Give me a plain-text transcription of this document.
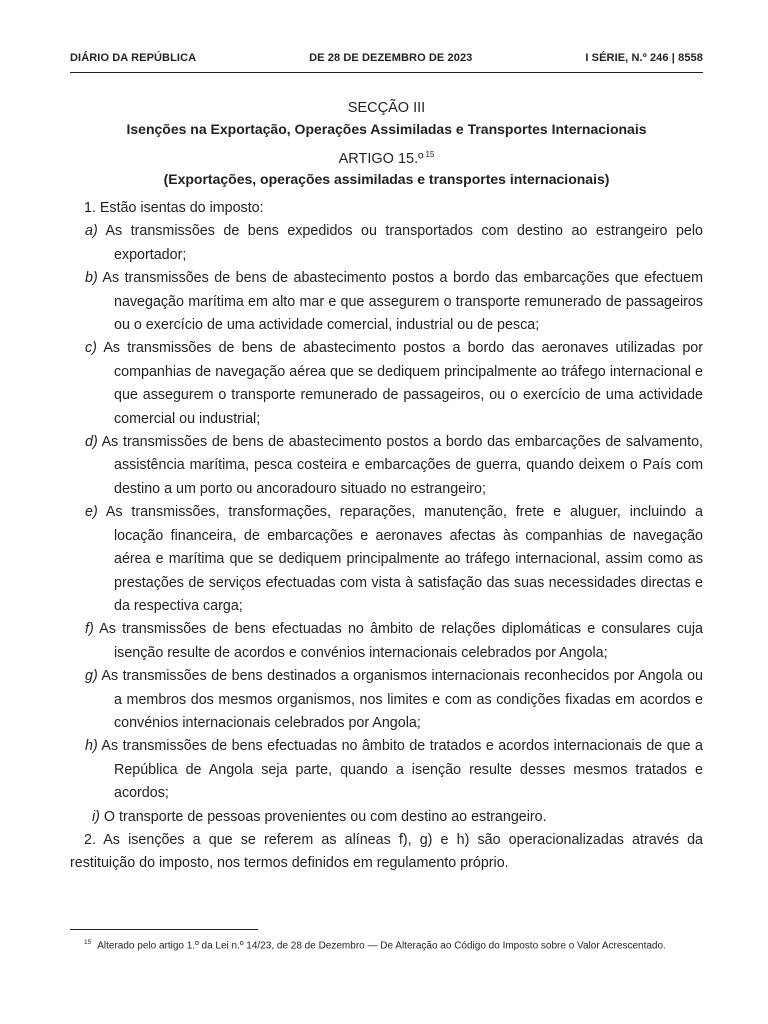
DIÁRIO DA REPÚBLICA	DE 28 DE DEZEMBRO DE 2023	I SÉRIE, N.º 246 | 8558
SECÇÃO III
Isenções na Exportação, Operações Assimiladas e Transportes Internacionais
ARTIGO 15.º $^{15}$
(Exportações, operações assimiladas e transportes internacionais)

1. Estão isentas do imposto:

a) As transmissões de bens expedidos ou transportados com destino ao estrangeiro pelo exportador;

b) As transmissões de bens de abastecimento postos a bordo das embarcações que efectuem navegação marítima em alto mar e que assegurem o transporte remunerado de passageiros ou o exercício de uma actividade comercial, industrial ou de pesca;

c) As transmissões de bens de abastecimento postos a bordo das aeronaves utilizadas por companhias de navegação aérea que se dediquem principalmente ao tráfego internacional e que assegurem o transporte remunerado de passageiros, ou o exercício de uma actividade comercial ou industrial;

d) As transmissões de bens de abastecimento postos a bordo das embarcações de salvamento, assistência marítima, pesca costeira e embarcações de guerra, quando deixem o País com destino a um porto ou ancoradouro situado no estrangeiro;

e) As transmissões, transformações, reparações, manutenção, frete e aluguer, incluindo a locação financeira, de embarcações e aeronaves afectas às companhias de navegação aérea e marítima que se dediquem principalmente ao tráfego internacional, assim como as prestações de serviços efectuadas com vista à satisfação das suas necessidades directas e da respectiva carga;

f) As transmissões de bens efectuadas no âmbito de relações diplomáticas e consulares cuja isenção resulte de acordos e convénios internacionais celebrados por Angola;

g) As transmissões de bens destinados a organismos internacionais reconhecidos por Angola ou a membros dos mesmos organismos, nos limites e com as condições fixadas em acordos e convénios internacionais celebrados por Angola;

h) As transmissões de bens efectuadas no âmbito de tratados e acordos internacionais de que a República de Angola seja parte, quando a isenção resulte desses mesmos tratados e acordos;

i) O transporte de pessoas provenientes ou com destino ao estrangeiro.

2. As isenções a que se referem as alíneas f), g) e h) são operacionalizadas através da restituição do imposto, nos termos definidos em regulamento próprio.

$^{15}$ Alterado pelo artigo 1.º da Lei n.º 14/23, de 28 de Dezembro — De Alteração ao Código do Imposto sobre o Valor Acrescentado.
